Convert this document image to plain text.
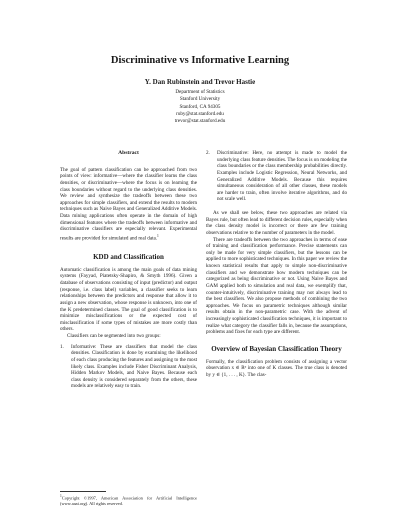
Discriminative vs Informative Learning
Y. Dan Rubinstein and Trevor Hastie
Department of Statistics
Stanford University
Stanford, CA 94305
ruby@stat.stanford.edu
trevor@stat.stanford.edu
Abstract

The goal of pattern classification can be approached from two points of view: informative—where the classifier learns the class densities, or discriminative—where the focus is on learning the class boundaries without regard to the underlying class densities. We review and synthesize the tradeoffs between these two approaches for simple classifiers, and extend the results to modern techniques such as Naive Bayes and Generalized Additive Models. Data mining applications often operate in the domain of high dimensional features where the tradeoffs between informative and discriminative classifiers are especially relevant. Experimental results are provided for simulated and real data.$^1$

KDD and Classification

Automatic classification is among the main goals of data mining systems (Fayyad, Piatetsky-Shapiro, & Smyth 1996). Given a database of observations consisting of input (predictor) and output (response, i.e. class label) variables, a classifier seeks to learn relationships between the predictors and response that allow it to assign a new observation, whose response is unknown, into one of the K predetermined classes. The goal of good classification is to minimize misclassifications or the expected cost of misclassification if some types of mistakes are more costly than others.

Classifiers can be segmented into two groups:

1. Informative: These are classifiers that model the class densities. Classification is done by examining the likelihood of each class producing the features and assigning to the most likely class. Examples include Fisher Discriminant Analysis, Hidden Markov Models, and Naive Bayes. Because each class density is considered separately from the others, these models are relatively easy to train.
$^1$Copyright ©1997, American Association for Artificial Intelligence (www.aaai.org). All rights reserved.
2. Discriminative: Here, no attempt is made to model the underlying class feature densities. The focus is on modeling the class boundaries or the class membership probabilities directly. Examples include Logistic Regression, Neural Networks, and Generalized Additive Models. Because this requires simultaneous consideration of all other classes, these models are harder to train, often involve iterative algorithms, and do not scale well.

As we shall see below, these two approaches are related via Bayes rule, but often lead to different decision rules, especially when the class density model is incorrect or there are few training observations relative to the number of parameters in the model.

There are tradeoffs between the two approaches in terms of ease of training and classification performance. Precise statements can only be made for very simple classifiers, but the lessons can be applied to more sophisticated techniques. In this paper we review the known statistical results that apply to simple non-discriminative classifiers and we demonstrate how modern techniques can be categorized as being discriminative or not. Using Naive Bayes and GAM applied both to simulation and real data, we exemplify that, counter-intuitively, discriminative training may not always lead to the best classifiers. We also propose methods of combining the two approaches. We focus on parametric techniques although similar results obtain in the non-parametric case. With the advent of increasingly sophisticated classification techniques, it is important to realize what category the classifier falls in, because the assumptions, problems and fixes for each type are different.

Overview of Bayesian Classification Theory

Formally, the classification problem consists of assigning a vector observation x ∈ Rᵖ into one of K classes. The true class is denoted by y ∈ {1, . . . , K}. The clas-
